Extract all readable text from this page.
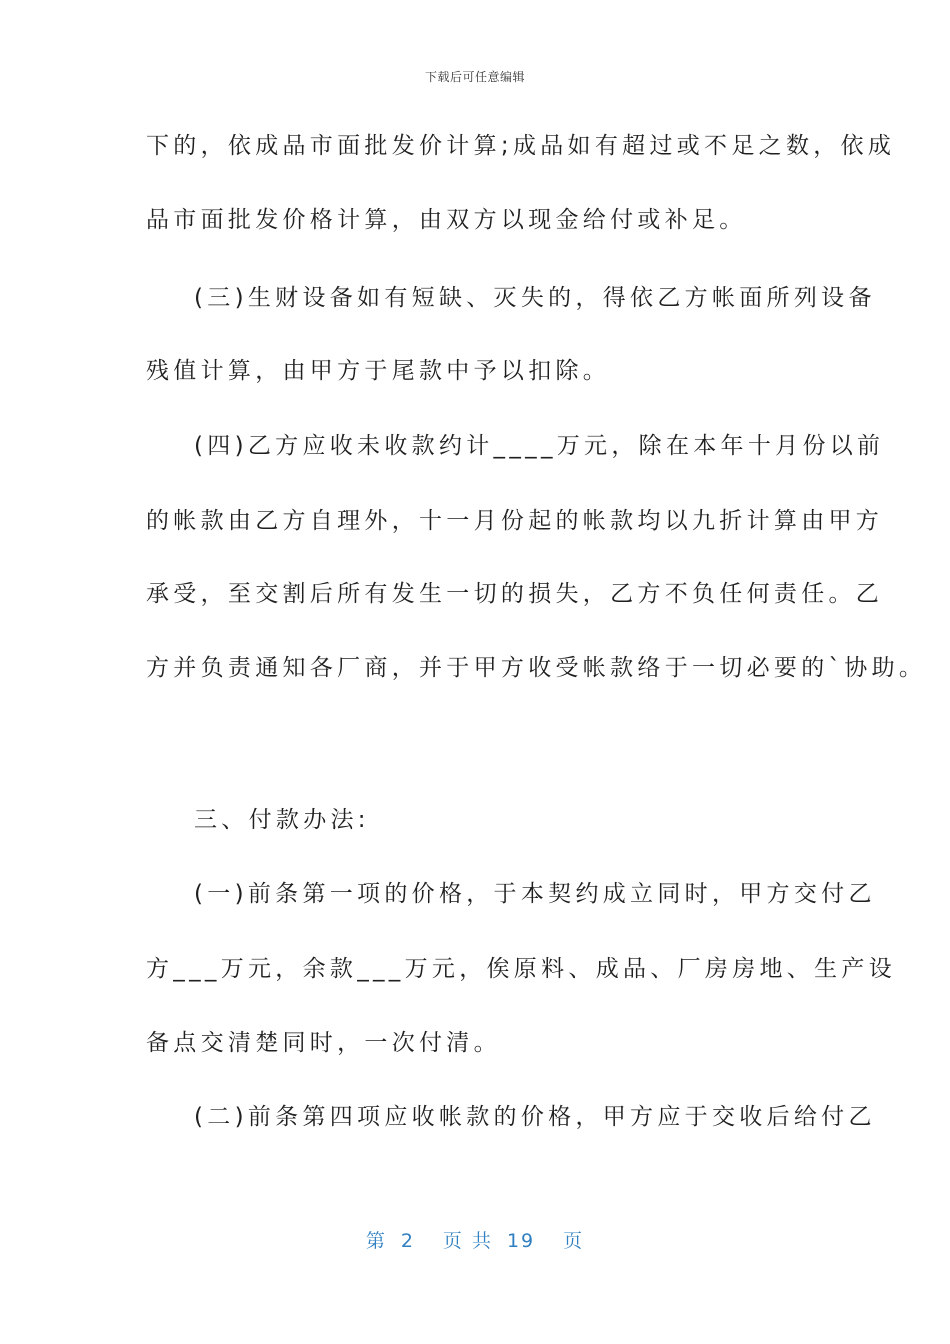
下载后可任意编辑
下的，依成品市面批发价计算;成品如有超过或不足之数，依成
品市面批发价格计算，由双方以现金给付或补足。
(三)生财设备如有短缺、灭失的，得依乙方帐面所列设备
残值计算，由甲方于尾款中予以扣除。
(四)乙方应收未收款约计____万元，除在本年十月份以前
的帐款由乙方自理外，十一月份起的帐款均以九折计算由甲方
承受，至交割后所有发生一切的损失，乙方不负任何责任。乙
方并负责通知各厂商，并于甲方收受帐款络于一切必要的`协助。
三、付款办法:
(一)前条第一项的价格，于本契约成立同时，甲方交付乙
方___万元，余款___万元，俟原料、成品、厂房房地、生产设
备点交清楚同时，一次付清。
(二)前条第四项应收帐款的价格，甲方应于交收后给付乙
第 2 页 共 19 页
